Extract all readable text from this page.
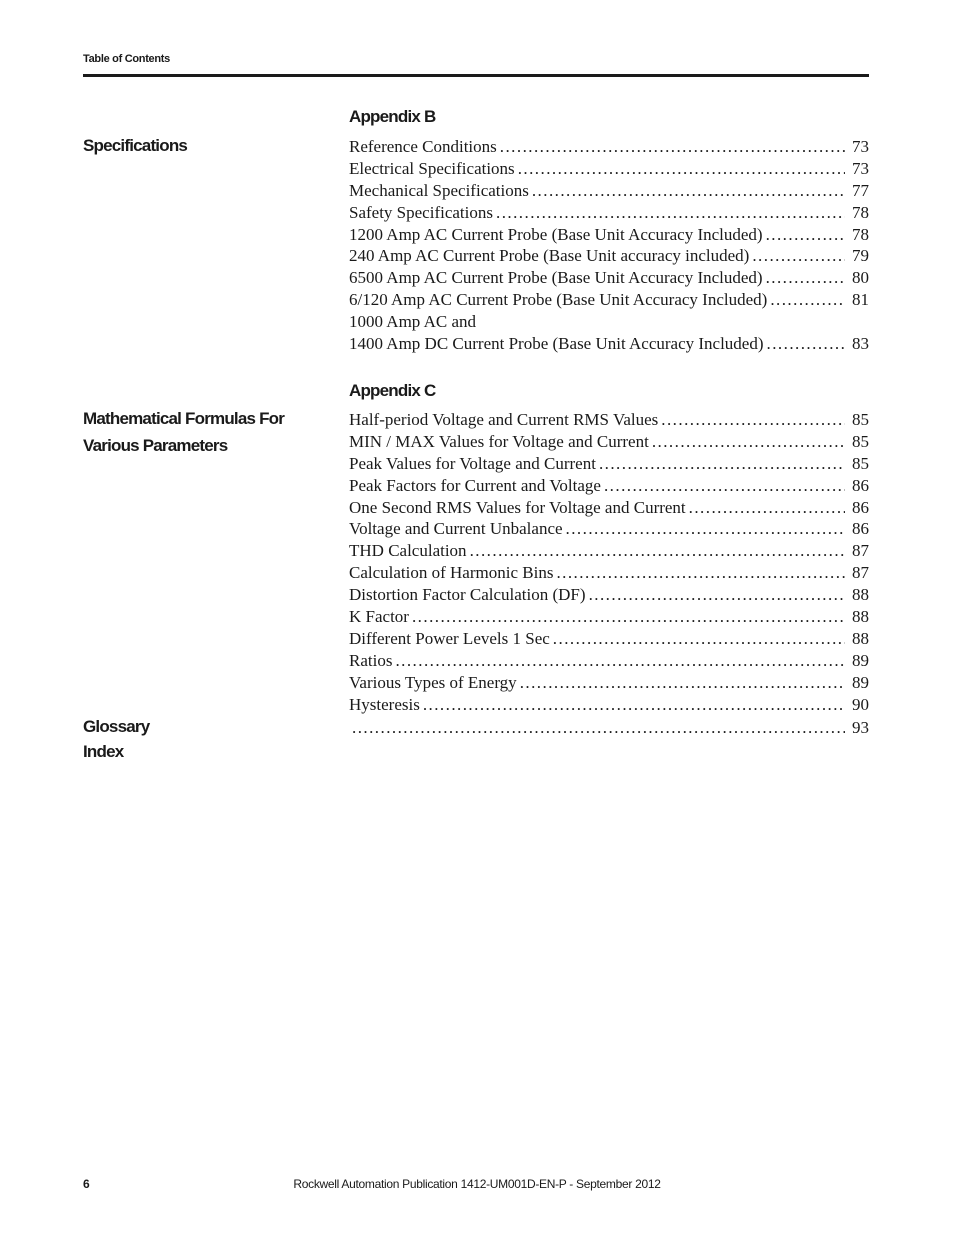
Table of Contents
Appendix B
Specifications	Reference Conditions . . .	73
Electrical Specifications . . .	73
Mechanical Specifications . . .	77
Safety Specifications . . .	78
1200 Amp AC Current Probe (Base Unit Accuracy Included) . . .	78
240 Amp AC Current Probe (Base Unit accuracy included) . . .	79
6500 Amp AC Current Probe (Base Unit Accuracy Included) . . .	80
6/120 Amp AC Current Probe (Base Unit Accuracy Included) . . .	81
1000 Amp AC and
1400 Amp DC Current Probe (Base Unit Accuracy Included) . . .	83
Appendix C
Mathematical Formulas For Various Parameters
Half-period Voltage and Current RMS Values . . .	85
MIN / MAX Values for Voltage and Current . . .	85
Peak Values for Voltage and Current . . .	85
Peak Factors for Current and Voltage . . .	86
One Second RMS Values for Voltage and Current . . .	86
Voltage and Current Unbalance . . .	86
THD Calculation . . .	87
Calculation of Harmonic Bins . . .	87
Distortion Factor Calculation (DF) . . .	88
K Factor . . .	88
Different Power Levels 1 Sec . . .	88
Ratios . . .	89
Various Types of Energy . . .	89
Hysteresis . . .	90
Glossary . . .	93
Index
6	Rockwell Automation Publication 1412-UM001D-EN-P - September 2012
